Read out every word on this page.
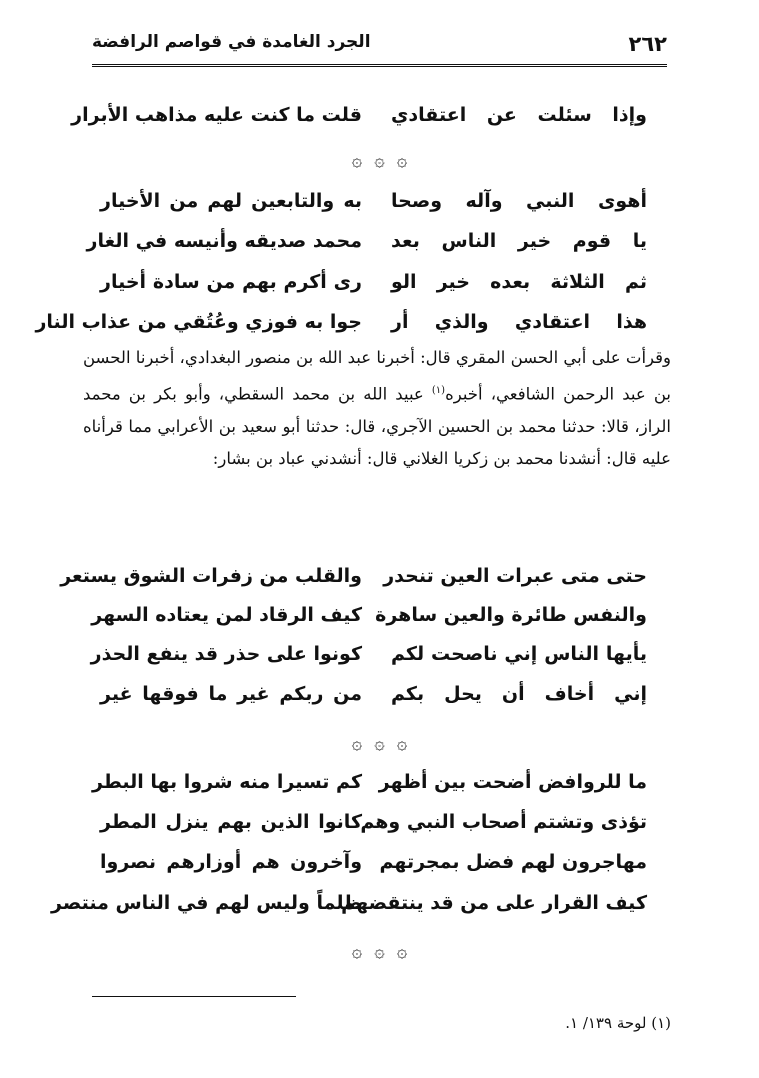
٢٦٢
الجرد الغامدة في قواصم الرافضة
وإذا سئلت عن اعتقادي
قلت ما كنت عليه مذاهب الأبرار
۞ ۞ ۞
أهوى النبي وآله وصحا
به والتابعين لهم من الأخيار
يا قوم خير الناس بعد
محمد صديقه وأنيسه في الغار
ثم الثلاثة بعده خير الو
رى أكرم بهم من سادة أخيار
هذا اعتقادي والذي أر
جوا به فوزي وعُتُقي من عذاب النار
وقرأت على أبي الحسن المقري قال: أخبرنا عبد الله بن منصور البغدادي، أخبرنا الحسن بن عبد الرحمن الشافعي، أخبره$^{(١)}$ عبيد الله بن محمد السقطي، وأبو بكر بن محمد الراز، قالا: حدثنا محمد بن الحسين الآجري، قال: حدثنا أبو سعيد بن الأعرابي مما قرأناه عليه قال: أنشدنا محمد بن زكريا الغلاني قال: أنشدني عباد بن بشار:
حتى متى عبرات العين تنحدر
والقلب من زفرات الشوق يستعر
والنفس طائرة والعين ساهرة
كيف الرقاد لمن يعتاده السهر
يأيها الناس إني ناصحت لكم
كونوا على حذر قد ينفع الحذر
إني أخاف أن يحل بكم
من ربكم غير ما فوقها غير
۞ ۞ ۞
ما للروافض أضحت بين أظهر
كم تسيرا منه شروا بها البطر
تؤذى وتشتم أصحاب النبي وهم
كانوا الذين بهم ينزل المطر
مهاجرون لهم فضل بمجرتهم
وآخرون هم أوزارهم نصروا
كيف القرار على من قد ينتقضهم
ظلماً وليس لهم في الناس منتصر
۞ ۞ ۞
(١) لوحة ١٣٩/ ١.
